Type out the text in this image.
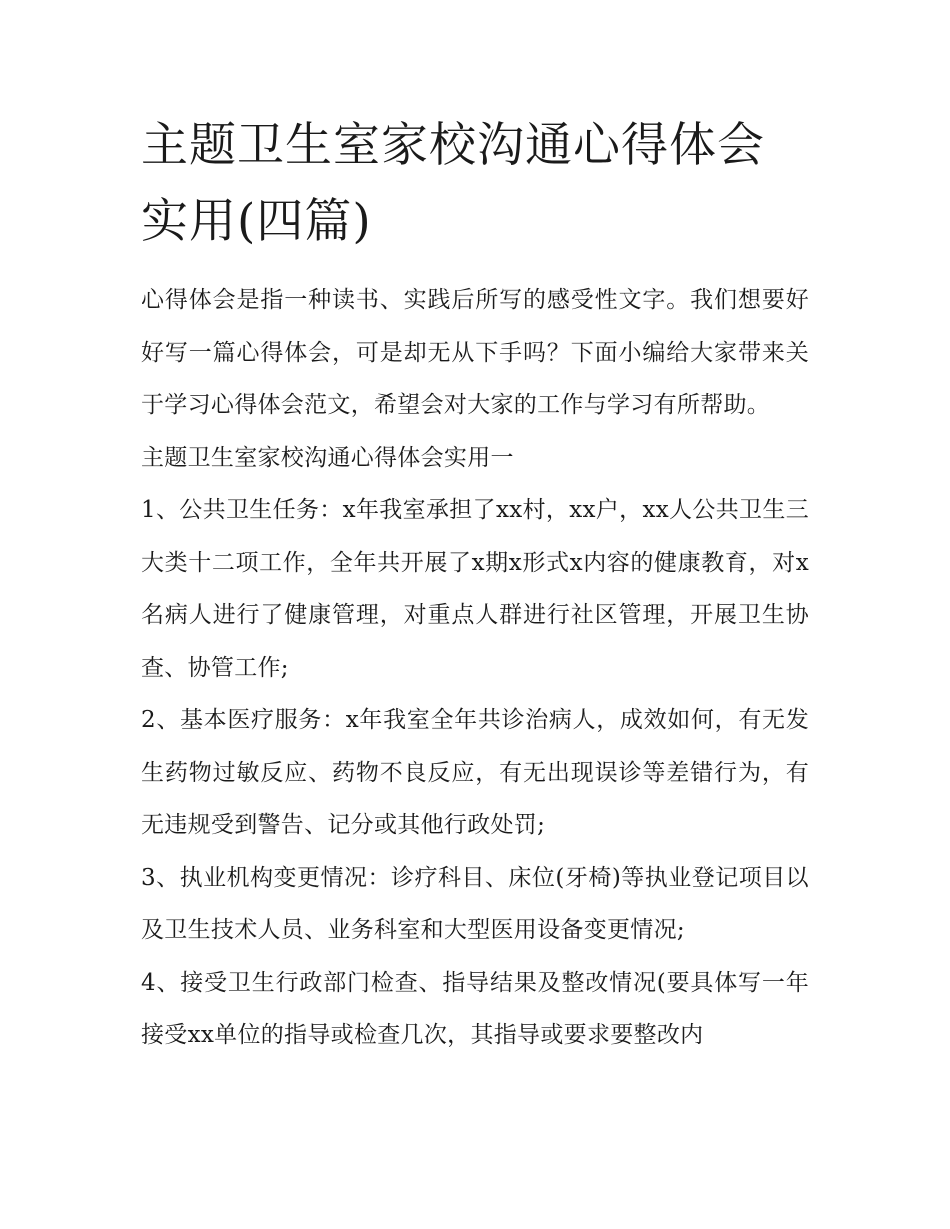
主题卫生室家校沟通心得体会实用(四篇)

心得体会是指一种读书、实践后所写的感受性文字。我们想要好好写一篇心得体会，可是却无从下手吗？下面小编给大家带来关于学习心得体会范文，希望会对大家的工作与学习有所帮助。

主题卫生室家校沟通心得体会实用一

1、公共卫生任务：x年我室承担了xx村，xx户，xx人公共卫生三大类十二项工作，全年共开展了x期x形式x内容的健康教育，对x名病人进行了健康管理，对重点人群进行社区管理，开展卫生协查、协管工作;

2、基本医疗服务：x年我室全年共诊治病人，成效如何，有无发生药物过敏反应、药物不良反应，有无出现误诊等差错行为，有无违规受到警告、记分或其他行政处罚;

3、执业机构变更情况：诊疗科目、床位(牙椅)等执业登记项目以及卫生技术人员、业务科室和大型医用设备变更情况;

4、接受卫生行政部门检查、指导结果及整改情况(要具体写一年接受xx单位的指导或检查几次，其指导或要求要整改内
